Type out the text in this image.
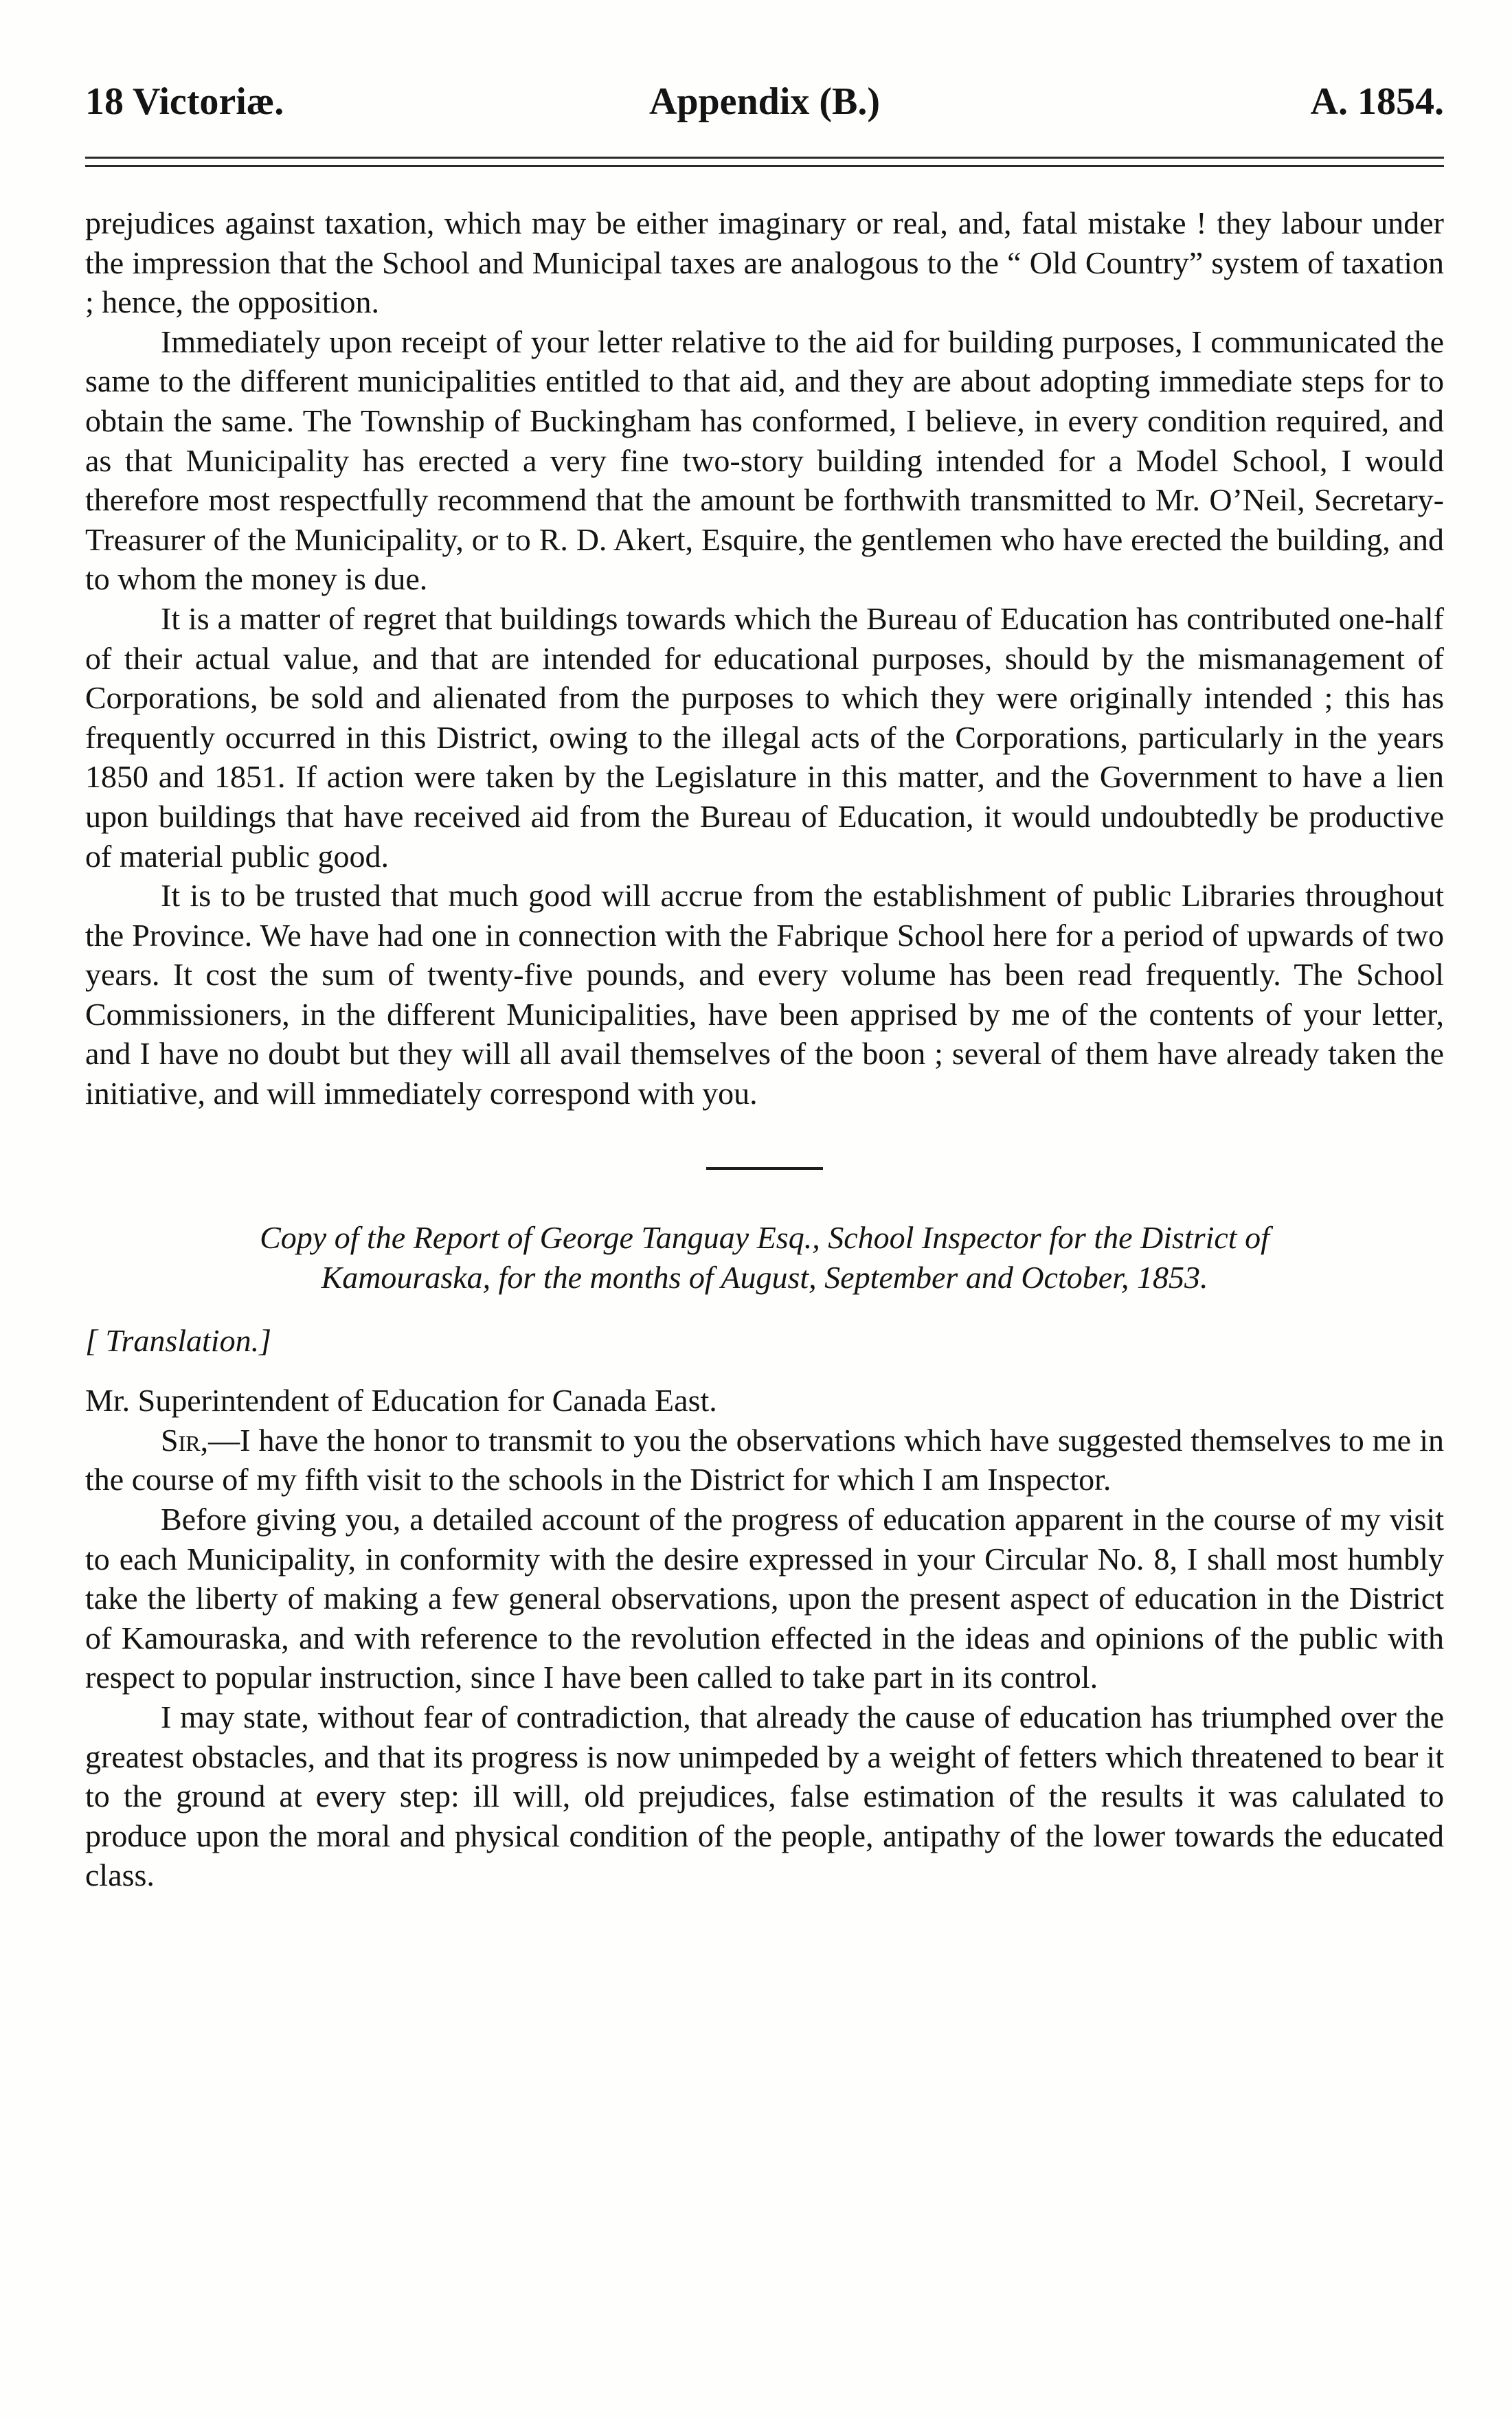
18 Victoriæ.	Appendix (B.)	A. 1854.

prejudices against taxation, which may be either imaginary or real, and, fatal mistake ! they labour under the impression that the School and Municipal taxes are analogous to the “ Old Country” system of taxation ; hence, the opposition.

Immediately upon receipt of your letter relative to the aid for building purposes, I communicated the same to the different municipalities entitled to that aid, and they are about adopting immediate steps for to obtain the same. The Township of Buckingham has conformed, I believe, in every condition required, and as that Municipality has erected a very fine two-story building intended for a Model School, I would therefore most respectfully recommend that the amount be forthwith transmitted to Mr. O’Neil, Secretary-Treasurer of the Municipality, or to R. D. Akert, Esquire, the gentlemen who have erected the building, and to whom the money is due.

It is a matter of regret that buildings towards which the Bureau of Education has contributed one-half of their actual value, and that are intended for educational purposes, should by the mismanagement of Corporations, be sold and alienated from the purposes to which they were originally intended ; this has frequently occurred in this District, owing to the illegal acts of the Corporations, particularly in the years 1850 and 1851. If action were taken by the Legislature in this matter, and the Government to have a lien upon buildings that have received aid from the Bureau of Education, it would undoubtedly be productive of material public good.

It is to be trusted that much good will accrue from the establishment of public Libraries throughout the Province. We have had one in connection with the Fabrique School here for a period of upwards of two years. It cost the sum of twenty-five pounds, and every volume has been read frequently. The School Commissioners, in the different Municipalities, have been apprised by me of the contents of your letter, and I have no doubt but they will all avail themselves of the boon ; several of them have already taken the initiative, and will immediately correspond with you.

Copy of the Report of George Tanguay Esq., School Inspector for the District of

Kamouraska, for the months of August, September and October, 1853.

[ Translation.]

Mr. Superintendent of Education for Canada East.

Sir,—I have the honor to transmit to you the observations which have suggested themselves to me in the course of my fifth visit to the schools in the District for which I am Inspector.

Before giving you, a detailed account of the progress of education apparent in the course of my visit to each Municipality, in conformity with the desire expressed in your Circular No. 8, I shall most humbly take the liberty of making a few general observations, upon the present aspect of education in the District of Kamouraska, and with reference to the revolution effected in the ideas and opinions of the public with respect to popular instruction, since I have been called to take part in its control.

I may state, without fear of contradiction, that already the cause of education has triumphed over the greatest obstacles, and that its progress is now unimpeded by a weight of fetters which threatened to bear it to the ground at every step: ill will, old prejudices, false estimation of the results it was calulated to produce upon the moral and physical condition of the people, antipathy of the lower towards the educated class.
